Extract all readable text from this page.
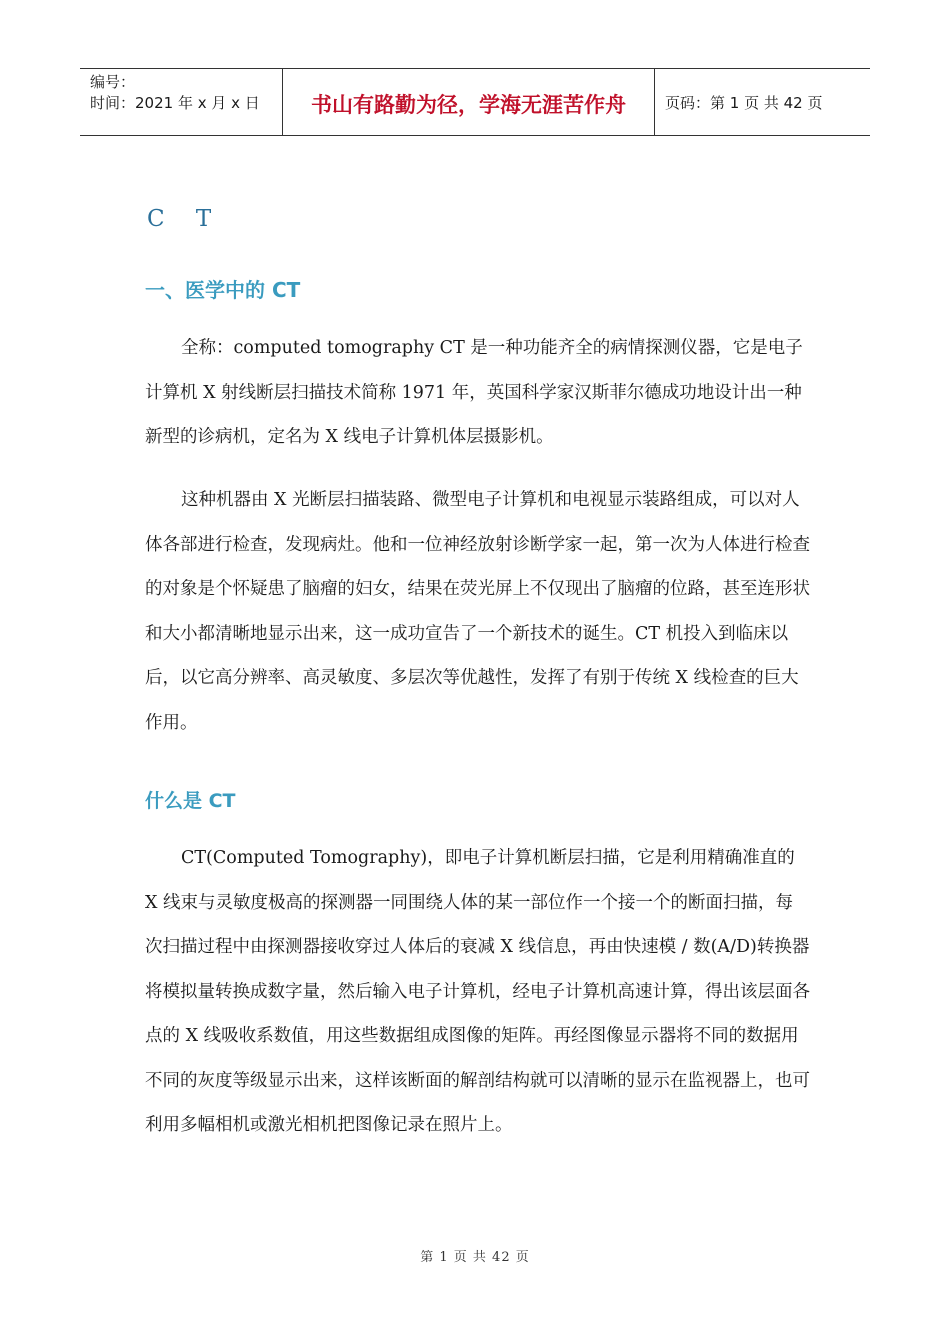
编号：
时间：2021 年 x 月 x 日	书山有路勤为径，学海无涯苦作舟	页码：第 1 页 共 42 页
C T
一、医学中的 CT

全称：computed tomography CT 是一种功能齐全的病情探测仪器，它是电子计算机 X 射线断层扫描技术简称 1971 年，英国科学家汉斯菲尔德成功地设计出一种新型的诊病机，定名为 X 线电子计算机体层摄影机。

这种机器由 X 光断层扫描装路、微型电子计算机和电视显示装路组成，可以对人体各部进行检查，发现病灶。他和一位神经放射诊断学家一起，第一次为人体进行检查的对象是个怀疑患了脑瘤的妇女，结果在荧光屏上不仅现出了脑瘤的位路，甚至连形状和大小都清晰地显示出来，这一成功宣告了一个新技术的诞生。CT 机投入到临床以后，以它高分辨率、高灵敏度、多层次等优越性，发挥了有别于传统 X 线检查的巨大作用。

什么是 CT

CT(Computed Tomography)，即电子计算机断层扫描，它是利用精确准直的 X 线束与灵敏度极高的探测器一同围绕人体的某一部位作一个接一个的断面扫描，每次扫描过程中由探测器接收穿过人体后的衰减 X 线信息，再由快速模 / 数(A/D)转换器将模拟量转换成数字量，然后输入电子计算机，经电子计算机高速计算，得出该层面各点的 X 线吸收系数值，用这些数据组成图像的矩阵。再经图像显示器将不同的数据用不同的灰度等级显示出来，这样该断面的解剖结构就可以清晰的显示在监视器上，也可利用多幅相机或激光相机把图像记录在照片上。

第 1 页 共 42 页
